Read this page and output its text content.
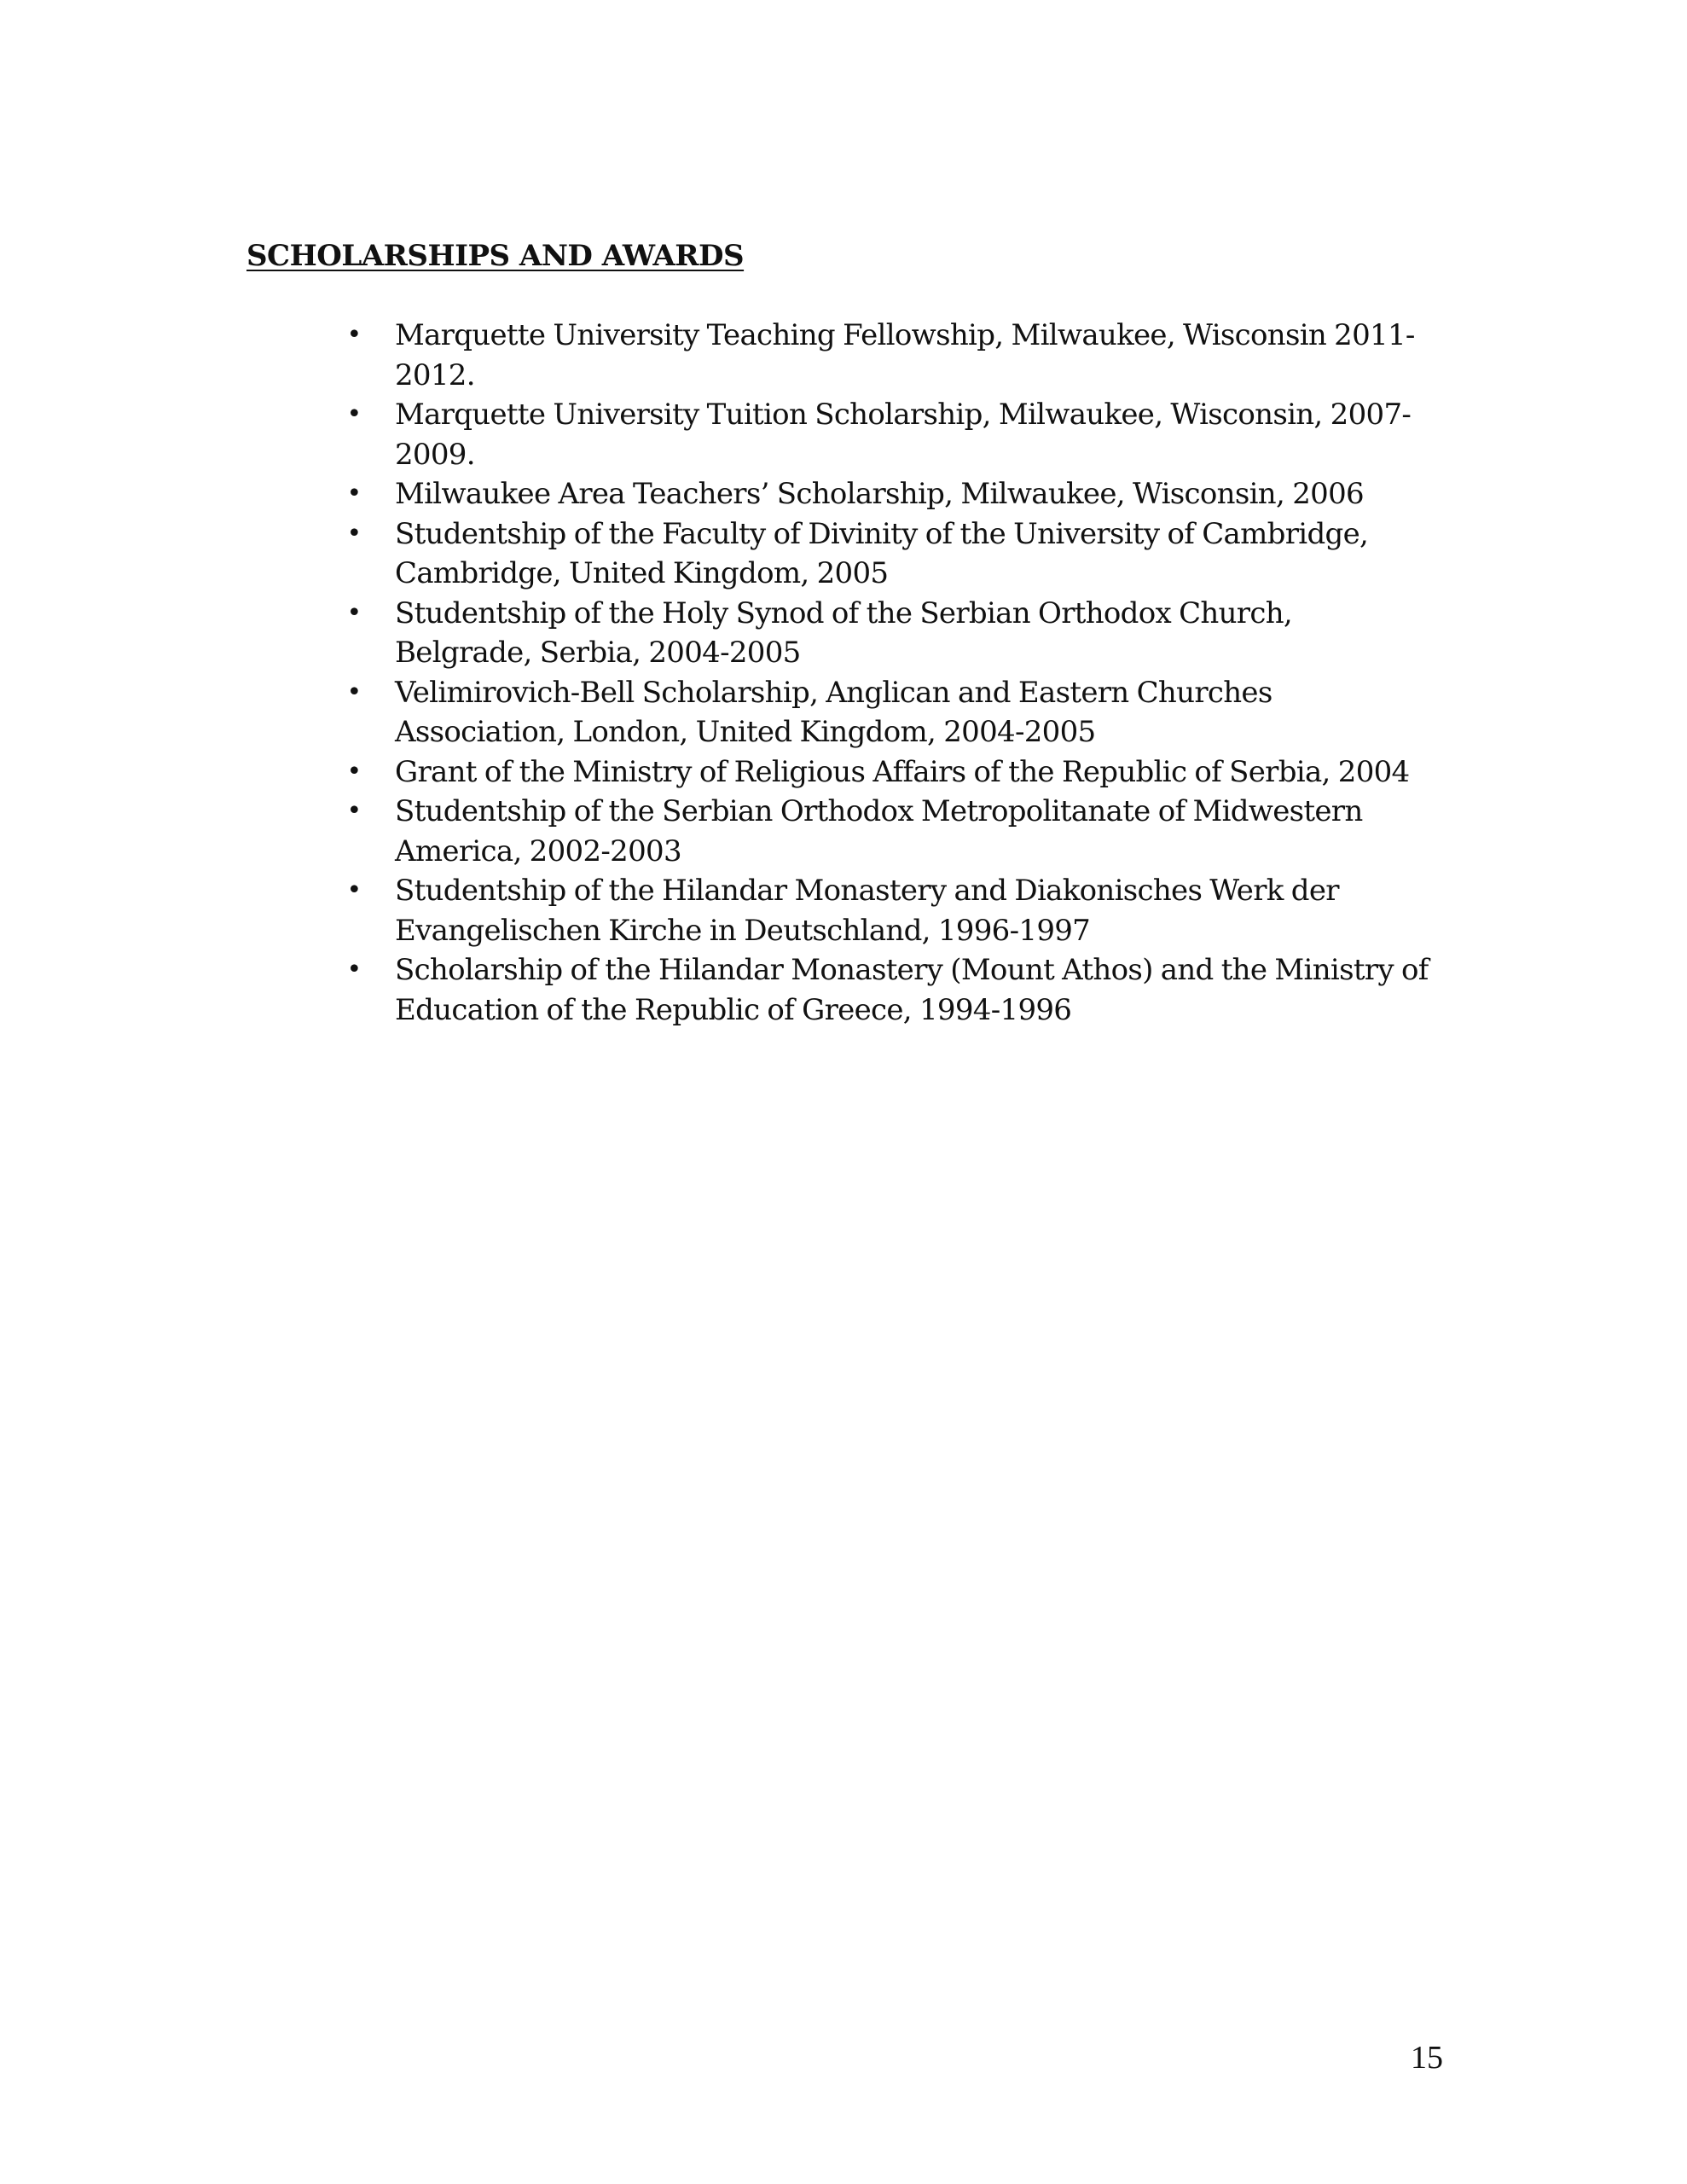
SCHOLARSHIPS AND AWARDS
• Marquette University Teaching Fellowship, Milwaukee, Wisconsin 2011-2012.
• Marquette University Tuition Scholarship, Milwaukee, Wisconsin, 2007-2009.
• Milwaukee Area Teachers’ Scholarship, Milwaukee, Wisconsin, 2006
• Studentship of the Faculty of Divinity of the University of Cambridge, Cambridge, United Kingdom, 2005
• Studentship of the Holy Synod of the Serbian Orthodox Church, Belgrade, Serbia, 2004-2005
• Velimirovich-Bell Scholarship, Anglican and Eastern Churches Association, London, United Kingdom, 2004-2005
• Grant of the Ministry of Religious Affairs of the Republic of Serbia, 2004
• Studentship of the Serbian Orthodox Metropolitanate of Midwestern America, 2002-2003
• Studentship of the Hilandar Monastery and Diakonisches Werk der Evangelischen Kirche in Deutschland, 1996-1997
• Scholarship of the Hilandar Monastery (Mount Athos) and the Ministry of Education of the Republic of Greece, 1994-1996
15
